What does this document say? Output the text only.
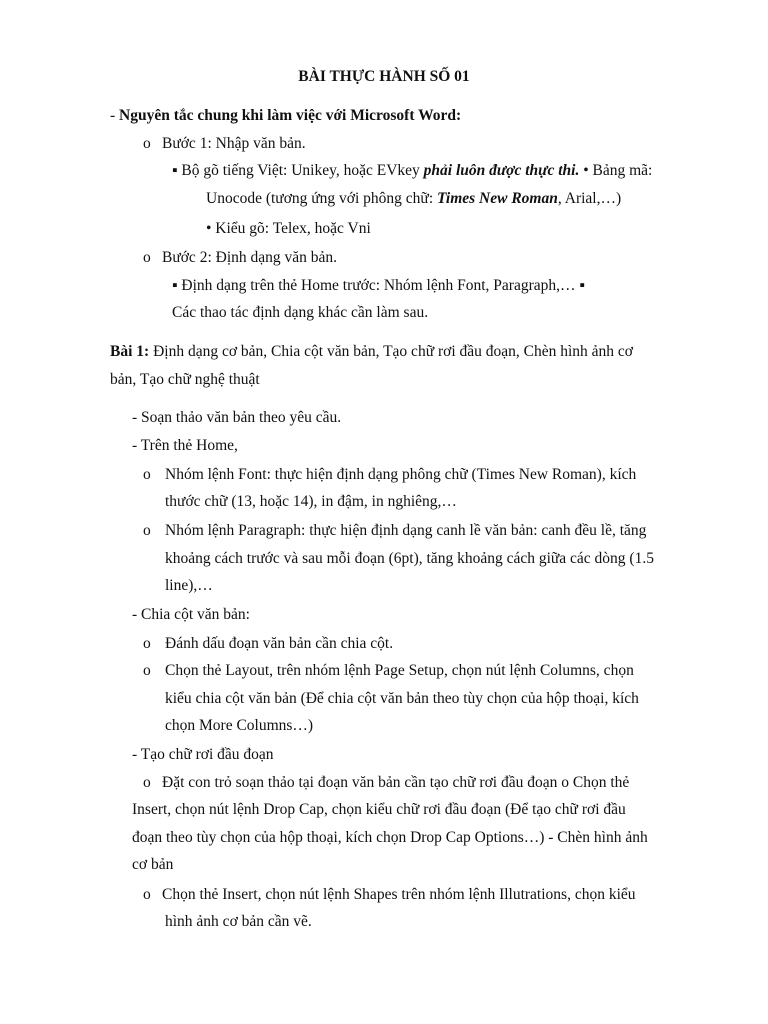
BÀI THỰC HÀNH SỐ 01
- Nguyên tắc chung khi làm việc với Microsoft Word:
o Bước 1: Nhập văn bản.
▪ Bộ gõ tiếng Việt: Unikey, hoặc EVkey phải luôn được thực thi. • Bảng mã:
Unocode (tương ứng với phông chữ: Times New Roman, Arial,…)
• Kiểu gõ: Telex, hoặc Vni
o Bước 2: Định dạng văn bản.
▪ Định dạng trên thẻ Home trước: Nhóm lệnh Font, Paragraph,… ▪
Các thao tác định dạng khác cần làm sau.
Bài 1: Định dạng cơ bản, Chia cột văn bản, Tạo chữ rơi đầu đoạn, Chèn hình ảnh cơ
bản, Tạo chữ nghệ thuật
- Soạn thảo văn bản theo yêu cầu.
- Trên thẻ Home,
o Nhóm lệnh Font: thực hiện định dạng phông chữ (Times New Roman), kích
thước chữ (13, hoặc 14), in đậm, in nghiêng,…
o Nhóm lệnh Paragraph: thực hiện định dạng canh lề văn bản: canh đều lề, tăng
khoảng cách trước và sau mỗi đoạn (6pt), tăng khoảng cách giữa các dòng (1.5
line),…
- Chia cột văn bản:
o Đánh dấu đoạn văn bản cần chia cột.
o Chọn thẻ Layout, trên nhóm lệnh Page Setup, chọn nút lệnh Columns, chọn
kiểu chia cột văn bản (Để chia cột văn bản theo tùy chọn của hộp thoại, kích
chọn More Columns…)
- Tạo chữ rơi đầu đoạn
o Đặt con trỏ soạn thảo tại đoạn văn bản cần tạo chữ rơi đầu đoạn o Chọn thẻ
Insert, chọn nút lệnh Drop Cap, chọn kiểu chữ rơi đầu đoạn (Để tạo chữ rơi đầu
đoạn theo tùy chọn của hộp thoại, kích chọn Drop Cap Options…) - Chèn hình ảnh
cơ bản
o Chọn thẻ Insert, chọn nút lệnh Shapes trên nhóm lệnh Illutrations, chọn kiểu
hình ảnh cơ bản cần vẽ.
